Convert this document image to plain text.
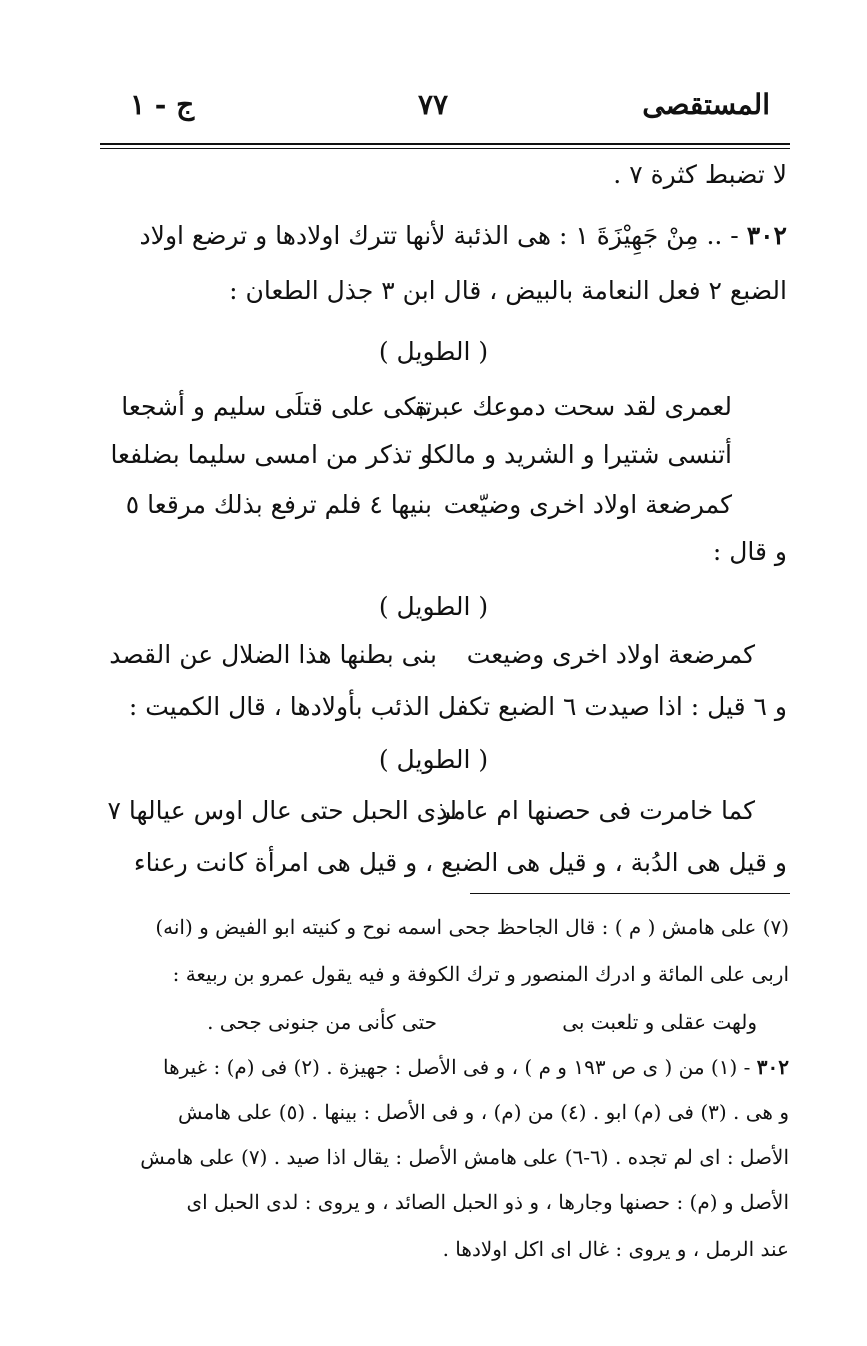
المستقصى
٧٧
ج - ١
لا تضبط كثرة ٧ .
٣٠٢ - .. مِنْ جَهِيْزَةَ ١ : هى الذئبة لأنها تترك اولادها و ترضع اولاد
الضبع ٢ فعل النعامة بالبيض ، قال ابن ٣ جذل الطعان :
( الطويل )
لعمرى لقد سحت دموعك عبرة
تبكى على قتلَى سليم و أشجعا
أتنسى شتيرا و الشريد و مالكا
و تذكر من امسى سليما بضلفعا
كمرضعة اولاد اخرى وضيّعت
بنيها ٤ فلم ترفع بذلك مرقعا ٥
و قال :
( الطويل )
كمرضعة اولاد اخرى وضيعت
بنى بطنها هذا الضلال عن القصد
و ٦ قيل : اذا صيدت ٦ الضبع تكفل الذئب بأولادها ، قال الكميت :
( الطويل )
كما خامرت فى حصنها ام عامر
لذى الحبل حتى عال اوس عيالها ٧
و قيل هى الدُبة ، و قيل هى الضبع ، و قيل هى امرأة كانت رعناء
(٧) على هامش ( م ) : قال الجاحظ جحى اسمه نوح و كنيته ابو الفيض و (انه)
اربى على المائة و ادرك المنصور و ترك الكوفة و فيه يقول عمرو بن ربيعة :
ولهت عقلى و تلعبت بى
حتى كأنى من جنونى جحى .
٣٠٢ - (١) من ( ى ص ١٩٣ و م ) ، و فى الأصل : جهيزة . (٢) فى (م) : غيرها
و هى . (٣) فى (م) ابو . (٤) من (م) ، و فى الأصل : بينها . (٥) على هامش
الأصل : اى لم تجده . (٦-٦) على هامش الأصل : يقال اذا صيد . (٧) على هامش
الأصل و (م) : حصنها وجارها ، و ذو الحبل الصائد ، و يروى : لدى الحبل اى
عند الرمل ، و يروى : غال اى اكل اولادها .
